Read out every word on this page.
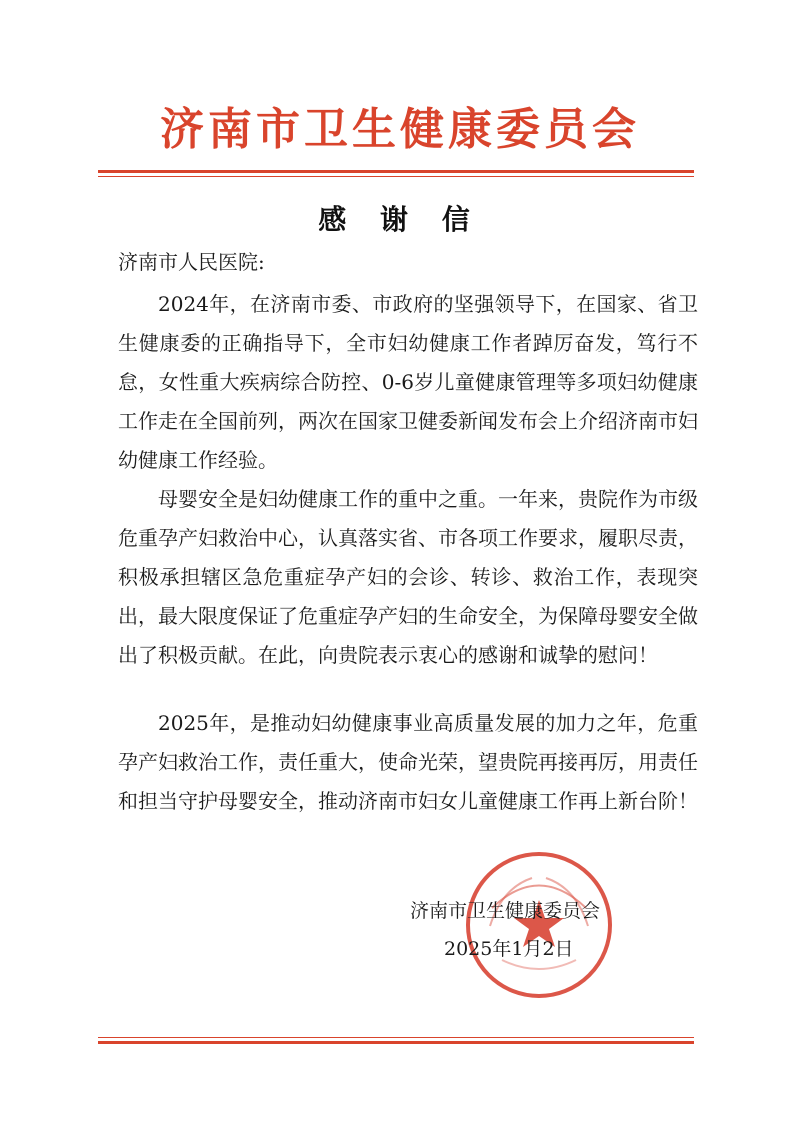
济南市卫生健康委员会
感 谢 信

济南市人民医院:

2024年，在济南市委、市政府的坚强领导下，在国家、省卫生健康委的正确指导下，全市妇幼健康工作者踔厉奋发，笃行不怠，女性重大疾病综合防控、0-6岁儿童健康管理等多项妇幼健康工作走在全国前列，两次在国家卫健委新闻发布会上介绍济南市妇幼健康工作经验。

母婴安全是妇幼健康工作的重中之重。一年来，贵院作为市级危重孕产妇救治中心，认真落实省、市各项工作要求，履职尽责，积极承担辖区急危重症孕产妇的会诊、转诊、救治工作，表现突出，最大限度保证了危重症孕产妇的生命安全，为保障母婴安全做出了积极贡献。在此，向贵院表示衷心的感谢和诚挚的慰问！

2025年，是推动妇幼健康事业高质量发展的加力之年，危重孕产妇救治工作，责任重大，使命光荣，望贵院再接再厉，用责任和担当守护母婴安全，推动济南市妇女儿童健康工作再上新台阶！

济南市卫生健康委员会
2025年1月2日
